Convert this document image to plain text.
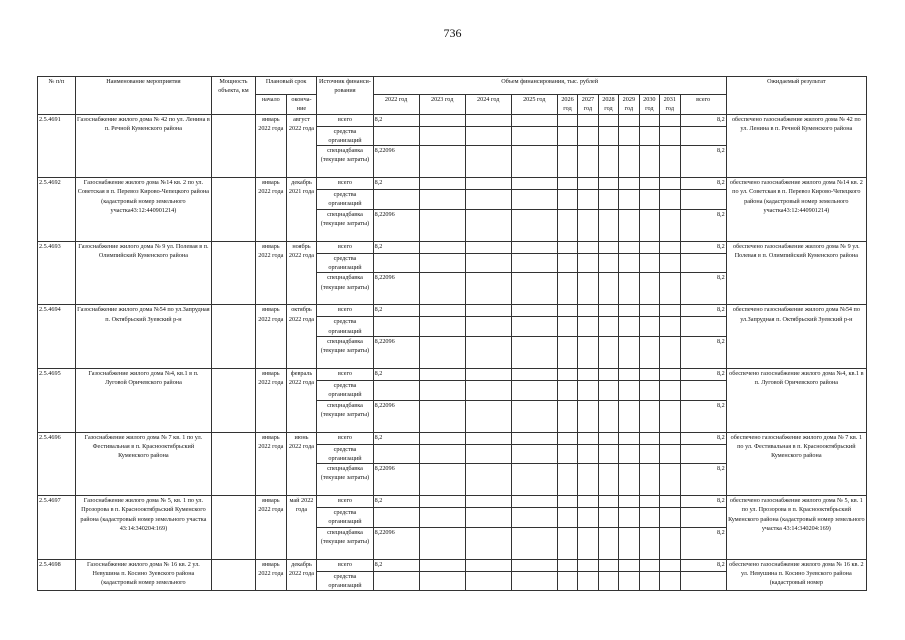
736
№ п/п	Наименование мероприятия	Мощность объекта, км	Плановый срок		Источник финанси-рования	Объем финансирования, тыс. рублей											Ожидаемый результат
			начало	оконча-ние		2022 год	2023 год	2024 год	2025 год	2026 год	2027 год	2028 год	2029 год	2030 год	2031 год	всего	
2.5.4691	Газоснабжение жилого дома № 42 по ул. Ленина в п. Речной Куменского района		январь 2022 года	август 2022 года	всего	8,2										8,2	обеспечено газоснабжение жилого дома № 42 по ул. Ленина в п. Речной Куменского района
					средства организаций												
					спецнадбавка (текущие затраты)	8,22096										8,2	
2.5.4692	Газоснабжение жилого дома №14 кв. 2 по ул. Советская в п. Перевоз Кирово-Чепецкого района (кадастровый номер земельного участка43:12:440901214)		январь 2022 года	декабрь 2021 года	всего	8,2										8,2	обеспечено газоснабжение жилого дома №14 кв. 2 по ул. Советская в п. Перевоз Кирово-Чепецкого района (кадастровый номер земельного участка43:12:440901214)
					средства организаций												
					спецнадбавка (текущие затраты)	8,22096										8,2	
2.5.4693	Газоснабжение жилого дома № 9 ул. Полевая в п. Олимпийский Куменского района		январь 2022 года	ноябрь 2022 года	всего	8,2										8,2	обеспечено газоснабжение жилого дома № 9 ул. Полевая в п. Олимпийский Куменского района
					средства организаций												
					спецнадбавка (текущие затраты)	8,22096										8,2	
2.5.4694	Газоснабжение жилого дома №54 по ул.Запрудная п. Октябрьский Зуевский р-н		январь 2022 года	октябрь 2022 года	всего	8,2										8,2	обеспечено газоснабжение жилого дома №54 по ул.Запрудная п. Октябрьский Зуевский р-н
					средства организаций												
					спецнадбавка (текущие затраты)	8,22096										8,2	
2.5.4695	Газоснабжение жилого дома №4, кв.1 в п. Луговой Оричевского района		январь 2022 года	февраль 2022 года	всего	8,2										8,2	обеспечено газоснабжение жилого дома №4, кв.1 в п. Луговой Оричевского района
					средства организаций												
					спецнадбавка (текущие затраты)	8,22096										8,2	
2.5.4696	Газоснабжение жилого дома № 7 кв. 1 по ул. Фестивальная в п. Краснооктябрьский Куменского района		январь 2022 года	июнь 2022 года	всего	8,2										8,2	обеспечено газоснабжение жилого дома № 7 кв. 1 по ул. Фестивальная в п. Краснооктябрьский Куменского района
					средства организаций												
					спецнадбавка (текущие затраты)	8,22096										8,2	
2.5.4697	Газоснабжение жилого дома № 5, кв. 1 по ул. Прозорова в п. Краснооктябрьский Куменского района (кадастровый номер земельного участка 43:14:340204:169)		январь 2022 года	май 2022 года	всего	8,2										8,2	обеспечено газоснабжение жилого дома № 5, кв. 1 по ул. Прозорова в п. Краснооктябрьский Куменского района (кадастровый номер земельного участка 43:14:340204:169)
					средства организаций												
					спецнадбавка (текущие затраты)	8,22096										8,2	
2.5.4698	Газоснабжение жилого дома № 16 кв. 2 ул. Невушина п. Косино Зуевского района (кадастровый номер земельного		январь 2022 года	декабрь 2022 года	всего	8,2										8,2	обеспечено газоснабжение жилого дома № 16 кв. 2 ул. Невушина п. Косино Зуевского района (кадастровый номер
					средства организаций												
